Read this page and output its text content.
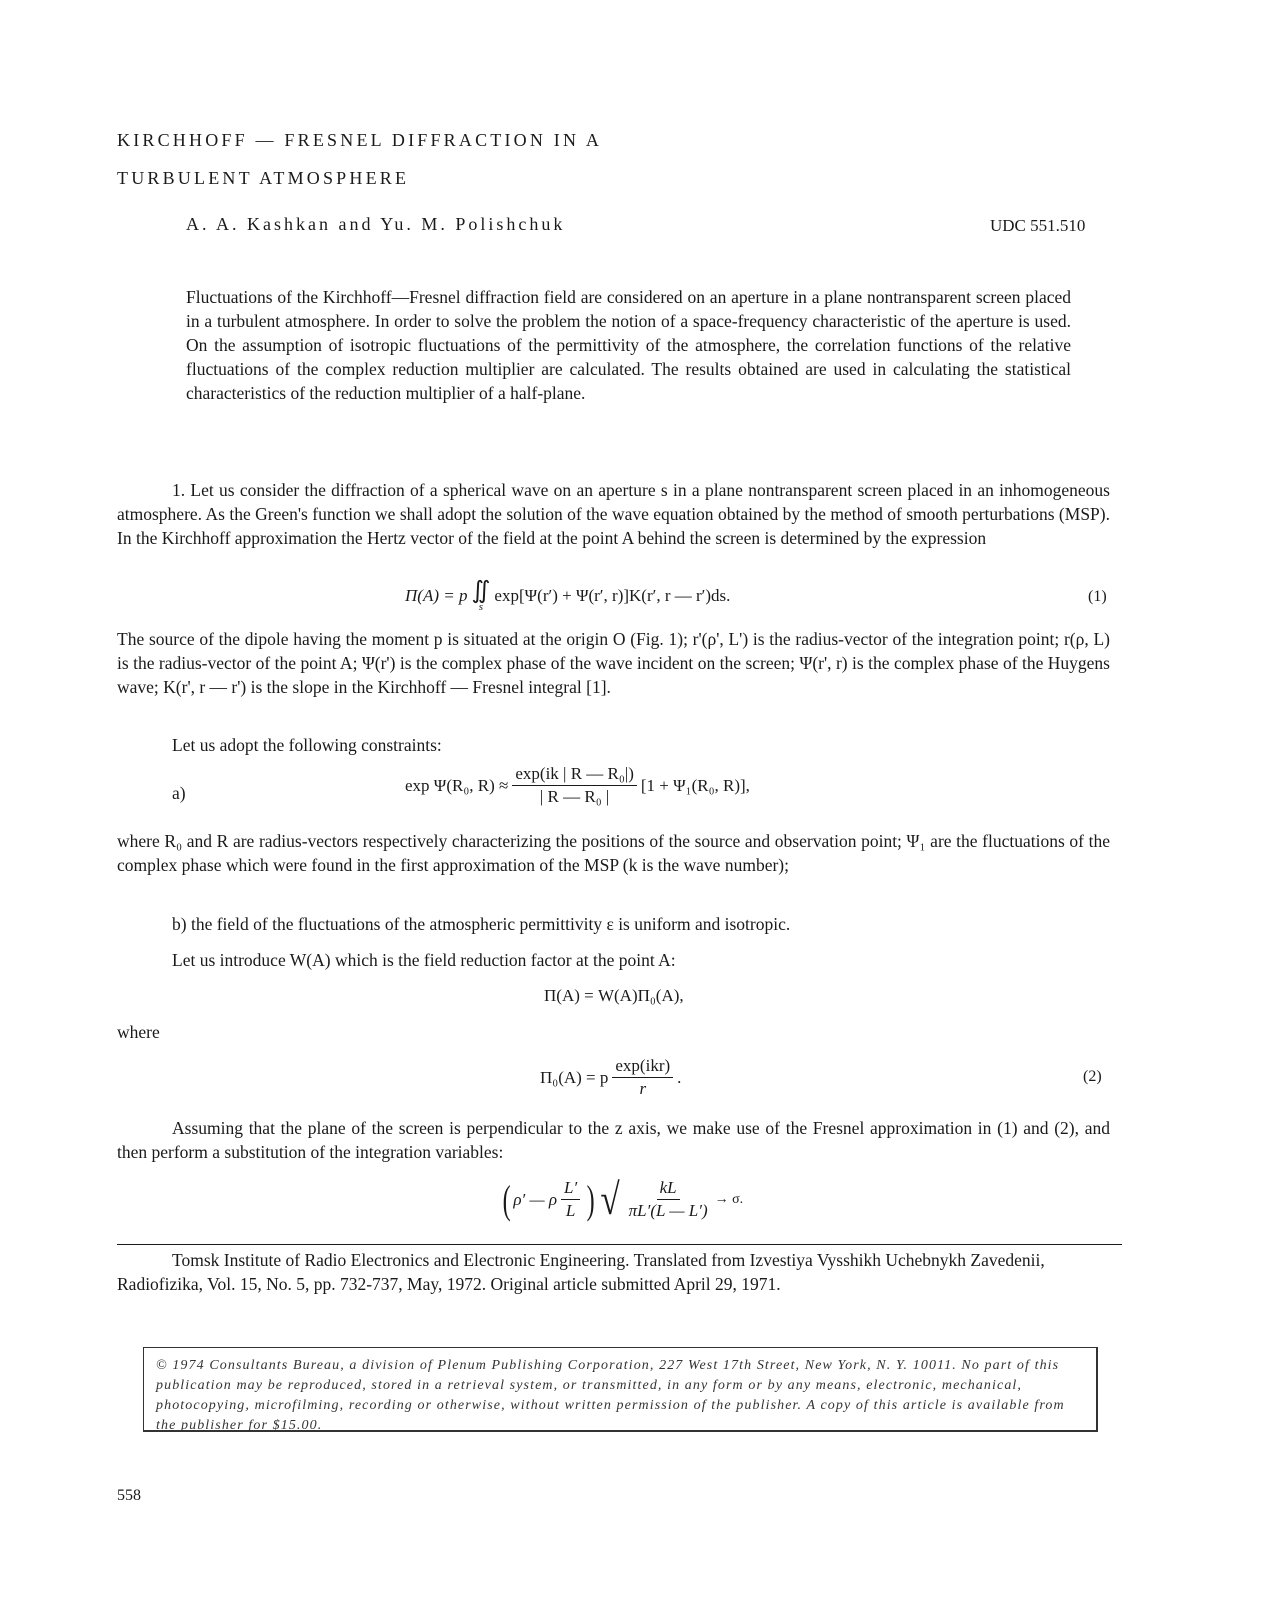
KIRCHHOFF — FRESNEL DIFFRACTION IN A
TURBULENT ATMOSPHERE
A. A. Kashkan and Yu. M. Polishchuk	UDC 551.510

Fluctuations of the Kirchhoff—Fresnel diffraction field are considered on an aperture in a plane nontransparent screen placed in a turbulent atmosphere. In order to solve the problem the notion of a space-frequency characteristic of the aperture is used. On the assumption of isotropic fluctuations of the permittivity of the atmosphere, the correlation functions of the relative fluctuations of the complex reduction multiplier are calculated. The results obtained are used in calculating the statistical characteristics of the reduction multiplier of a half-plane.

1. Let us consider the diffraction of a spherical wave on an aperture s in a plane nontransparent screen placed in an inhomogeneous atmosphere. As the Green's function we shall adopt the solution of the wave equation obtained by the method of smooth perturbations (MSP). In the Kirchhoff approximation the Hertz vector of the field at the point A behind the screen is determined by the expression
Π(A) = p ∬
s
exp[Ψ(r′) + Ψ(r′, r)]K(r′, r — r′)ds.	(1)
The source of the dipole having the moment p is situated at the origin O (Fig. 1); r'(ρ', L') is the radius-vector of the integration point; r(ρ, L) is the radius-vector of the point A; Ψ(r') is the complex phase of the wave incident on the screen; Ψ(r', r) is the complex phase of the Huygens wave; K(r', r — r') is the slope in the Kirchhoff — Fresnel integral [1].
Let us adopt the following constraints:
a)	exp Ψ(R₀, $R) \approx \frac{\text{exp(ik | R — R₀|)}}{\text{| R — R₀ |}} [1 + \Psi_1(R_0$, R)],
where R₀ and R are radius-vectors respectively characterizing the positions of the source and observation point; Ψ₁ are the fluctuations of the complex phase which were found in the first approximation of the MSP (k is the wave number);
b) the field of the fluctuations of the atmospheric permittivity ε is uniform and isotropic.
Let us introduce W(A) which is the field reduction factor at the point A:
Π(A) = W(A)Π₀(A),
where
Π₀(A) = p $\frac{\text{exp(ikr)}}{r}$ .	(2)
Assuming that the plane of the screen is perpendicular to the z axis, we make use of the Fresnel approximation in (1) and (2), and then perform a substitution of the integration variables:
( ρ′ — ρ $\frac{L'}{L}$ ) √ $\frac{kL}{\pi L'(L — L')} \to \sigma$.
Tomsk Institute of Radio Electronics and Electronic Engineering. Translated from Izvestiya Vysshikh Uchebnykh Zavedenii, Radiofizika, Vol. 15, No. 5, pp. 732-737, May, 1972. Original article submitted April 29, 1971.
© 1974 Consultants Bureau, a division of Plenum Publishing Corporation, 227 West 17th Street, New York, N. Y. 10011. No part of this publication may be reproduced, stored in a retrieval system, or transmitted, in any form or by any means, electronic, mechanical, photocopying, microfilming, recording or otherwise, without written permission of the publisher. A copy of this article is available from the publisher for $15.00.
558
